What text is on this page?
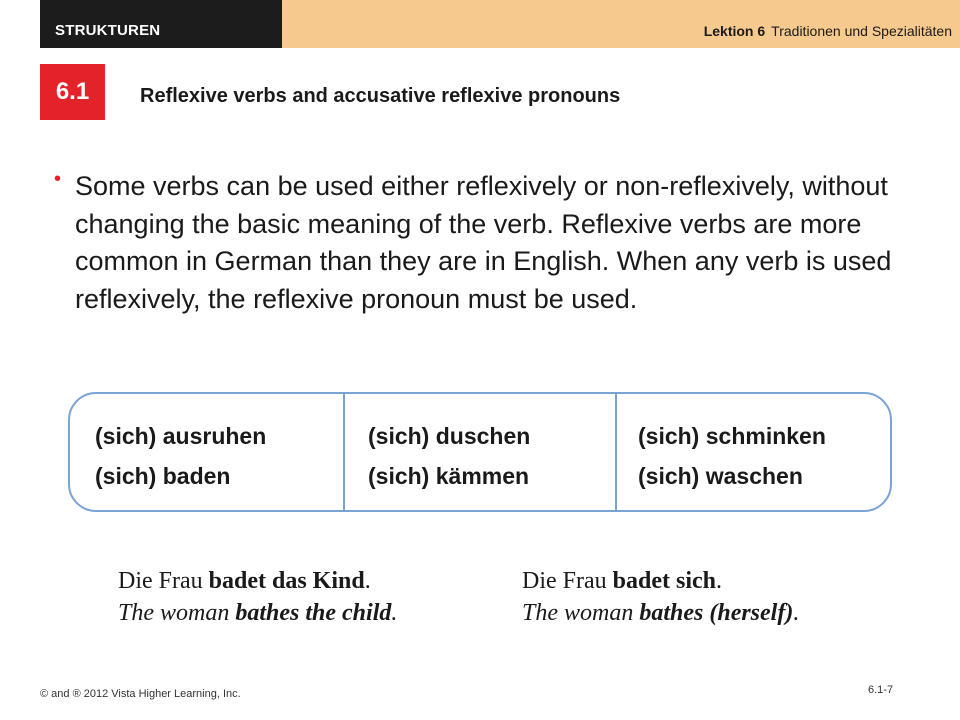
STRUKTUREN	Lektion 6 Traditionen und Spezialitäten
6.1	Reflexive verbs and accusative reflexive pronouns
• Some verbs can be used either reflexively or non-reflexively, without changing the basic meaning of the verb. Reflexive verbs are more common in German than they are in English. When any verb is used reflexively, the reflexive pronoun must be used.
(sich) ausruhen
(sich) baden
(sich) duschen
(sich) kämmen
(sich) schminken
(sich) waschen
Die Frau badet das Kind.
The woman bathes the child.
Die Frau badet sich.
The woman bathes (herself).
© and ® 2012 Vista Higher Learning, Inc.	6.1-7
